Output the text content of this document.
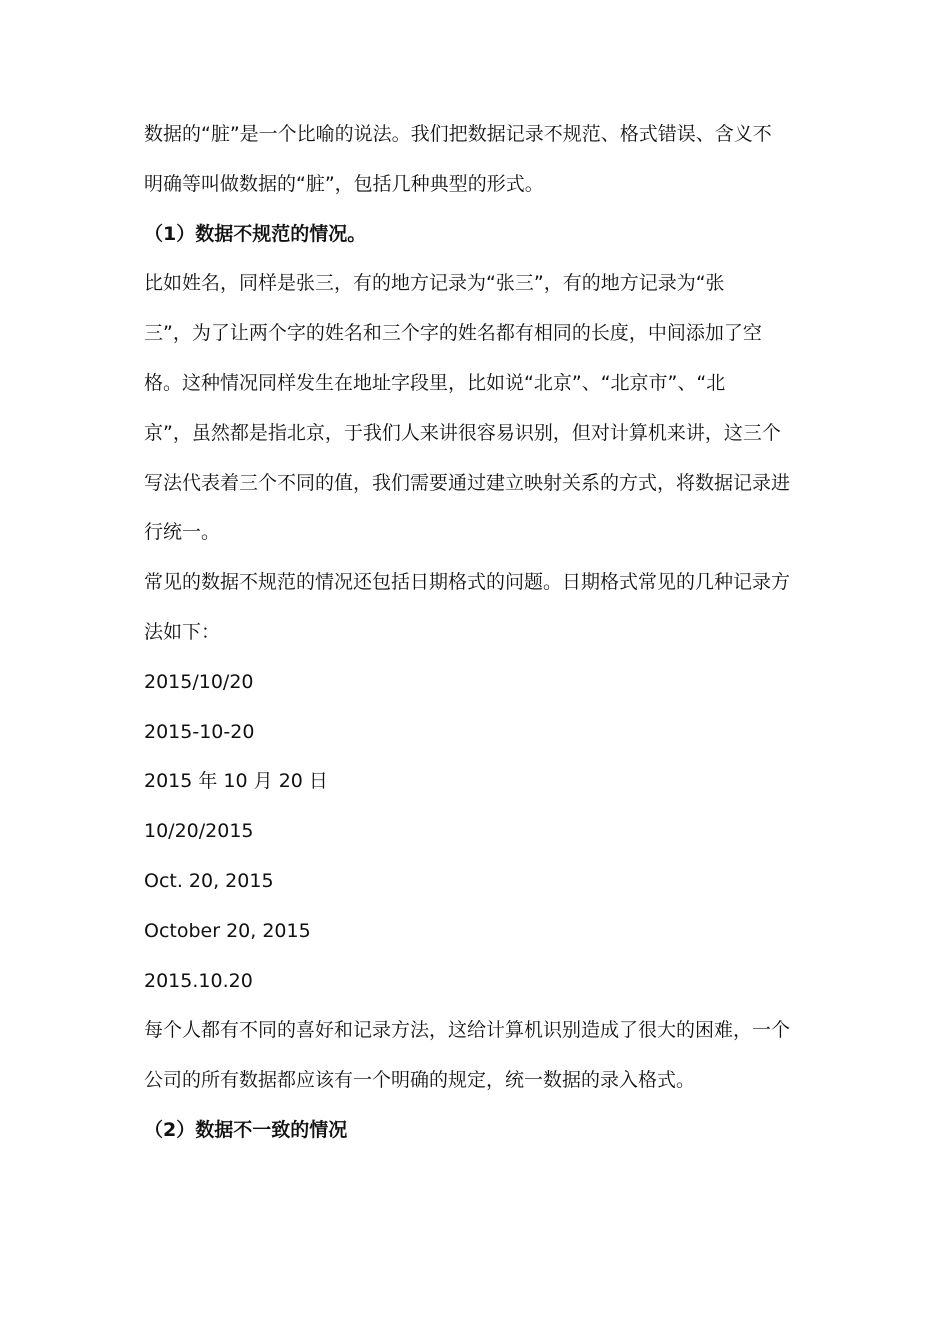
数据的“脏”是一个比喻的说法。我们把数据记录不规范、格式错误、含义不
明确等叫做数据的“脏”，包括几种典型的形式。
（1）数据不规范的情况。
比如姓名，同样是张三，有的地方记录为“张三”，有的地方记录为“张
三”，为了让两个字的姓名和三个字的姓名都有相同的长度，中间添加了空
格。这种情况同样发生在地址字段里，比如说“北京”、“北京市”、“北
京”，虽然都是指北京，于我们人来讲很容易识别，但对计算机来讲，这三个
写法代表着三个不同的值，我们需要通过建立映射关系的方式，将数据记录进
行统一。
常见的数据不规范的情况还包括日期格式的问题。日期格式常见的几种记录方
法如下：
2015/10/20
2015-10-20
2015 年 10 月 20 日
10/20/2015
Oct. 20, 2015
October 20, 2015
2015.10.20
每个人都有不同的喜好和记录方法，这给计算机识别造成了很大的困难，一个
公司的所有数据都应该有一个明确的规定，统一数据的录入格式。
（2）数据不一致的情况
